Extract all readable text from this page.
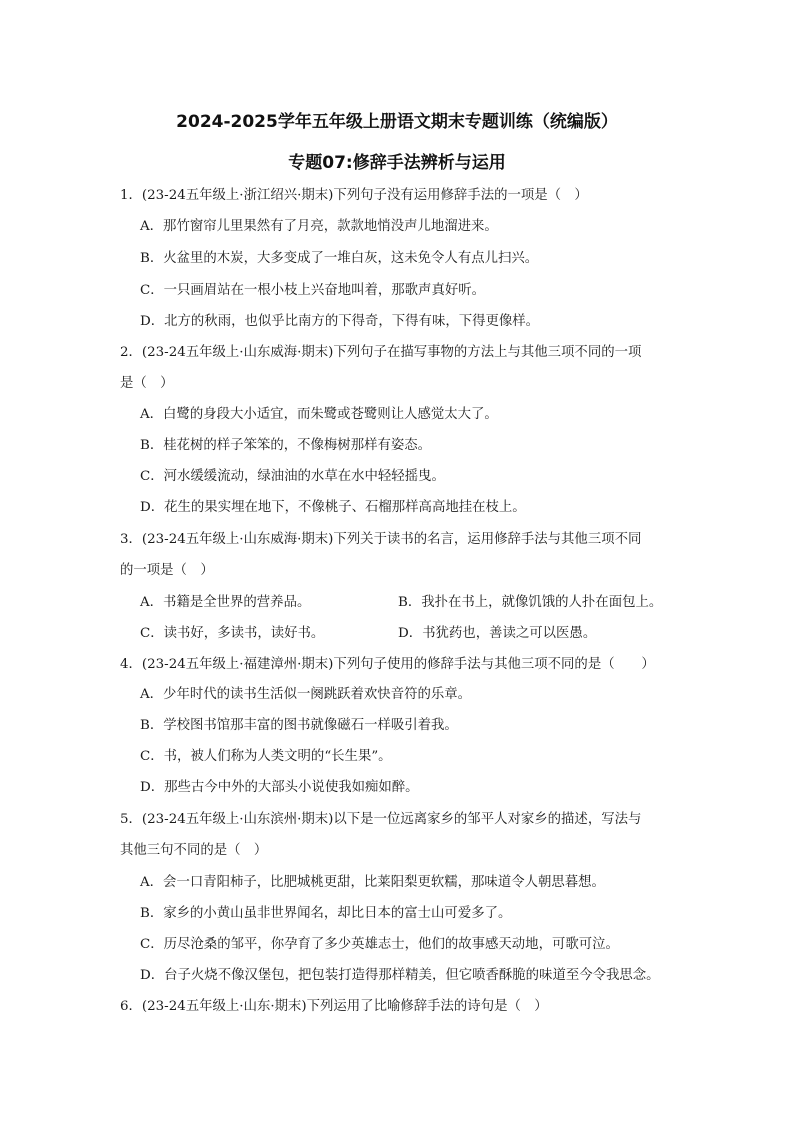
2024-2025学年五年级上册语文期末专题训练（统编版）
专题07:修辞手法辨析与运用
1．(23-24五年级上·浙江绍兴·期末)下列句子没有运用修辞手法的一项是（　）
A．那竹窗帘儿里果然有了月亮，款款地悄没声儿地溜进来。
B．火盆里的木炭，大多变成了一堆白灰，这未免令人有点儿扫兴。
C．一只画眉站在一根小枝上兴奋地叫着，那歌声真好听。
D．北方的秋雨，也似乎比南方的下得奇，下得有味，下得更像样。
2．(23-24五年级上·山东威海·期末)下列句子在描写事物的方法上与其他三项不同的一项
是（　）
A．白鹭的身段大小适宜，而朱鹭或苍鹭则让人感觉太大了。
B．桂花树的样子笨笨的，不像梅树那样有姿态。
C．河水缓缓流动，绿油油的水草在水中轻轻摇曳。
D．花生的果实埋在地下，不像桃子、石榴那样高高地挂在枝上。
3．(23-24五年级上·山东威海·期末)下列关于读书的名言，运用修辞手法与其他三项不同
的一项是（　）
A．书籍是全世界的营养品。	B．我扑在书上，就像饥饿的人扑在面包上。
C．读书好，多读书，读好书。	D．书犹药也，善读之可以医愚。
4．(23-24五年级上·福建漳州·期末)下列句子使用的修辞手法与其他三项不同的是（　　）
A．少年时代的读书生活似一阕跳跃着欢快音符的乐章。
B．学校图书馆那丰富的图书就像磁石一样吸引着我。
C．书，被人们称为人类文明的“长生果”。
D．那些古今中外的大部头小说使我如痴如醉。
5．(23-24五年级上·山东滨州·期末)以下是一位远离家乡的邹平人对家乡的描述，写法与
其他三句不同的是（　）
A．会一口青阳柿子，比肥城桃更甜，比莱阳梨更软糯，那味道令人朝思暮想。
B．家乡的小黄山虽非世界闻名，却比日本的富士山可爱多了。
C．历尽沧桑的邹平，你孕育了多少英雄志士，他们的故事感天动地，可歌可泣。
D．台子火烧不像汉堡包，把包装打造得那样精美，但它喷香酥脆的味道至今令我思念。
6．(23-24五年级上·山东·期末)下列运用了比喻修辞手法的诗句是（　）
